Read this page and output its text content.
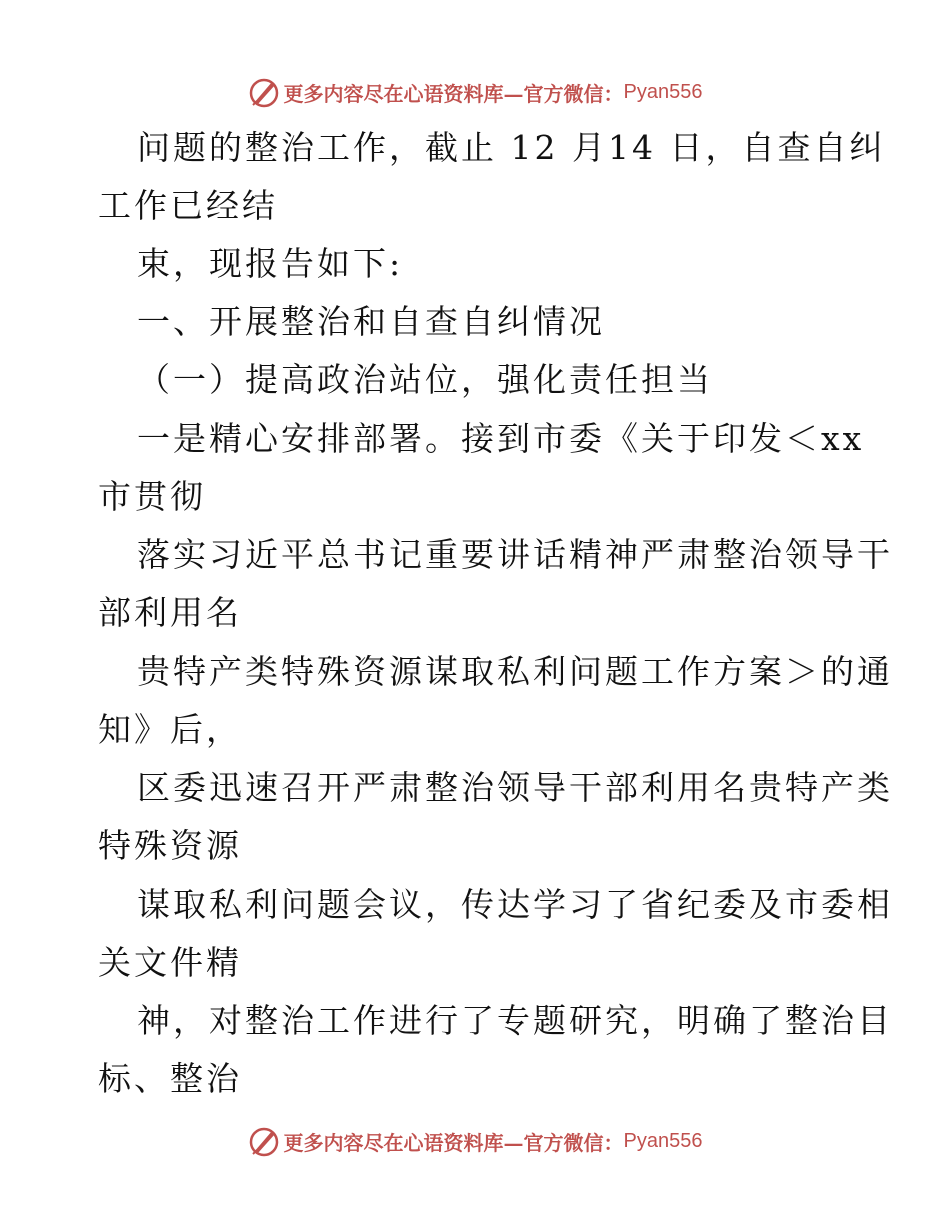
更多内容尽在心语资料库—官方微信： Pyan556
问题的整治工作，截止 12 月14 日，自查自纠
工作已经结
束，现报告如下:
一、开展整治和自查自纠情况
（一）提高政治站位，强化责任担当
一是精心安排部署。接到市委《关于印发＜xx
市贯彻
落实习近平总书记重要讲话精神严肃整治领导干
部利用名
贵特产类特殊资源谋取私利问题工作方案＞的通
知》后，
区委迅速召开严肃整治领导干部利用名贵特产类
特殊资源
谋取私利问题会议，传达学习了省纪委及市委相
关文件精
神，对整治工作进行了专题研究，明确了整治目
标、整治
更多内容尽在心语资料库—官方微信： Pyan556
